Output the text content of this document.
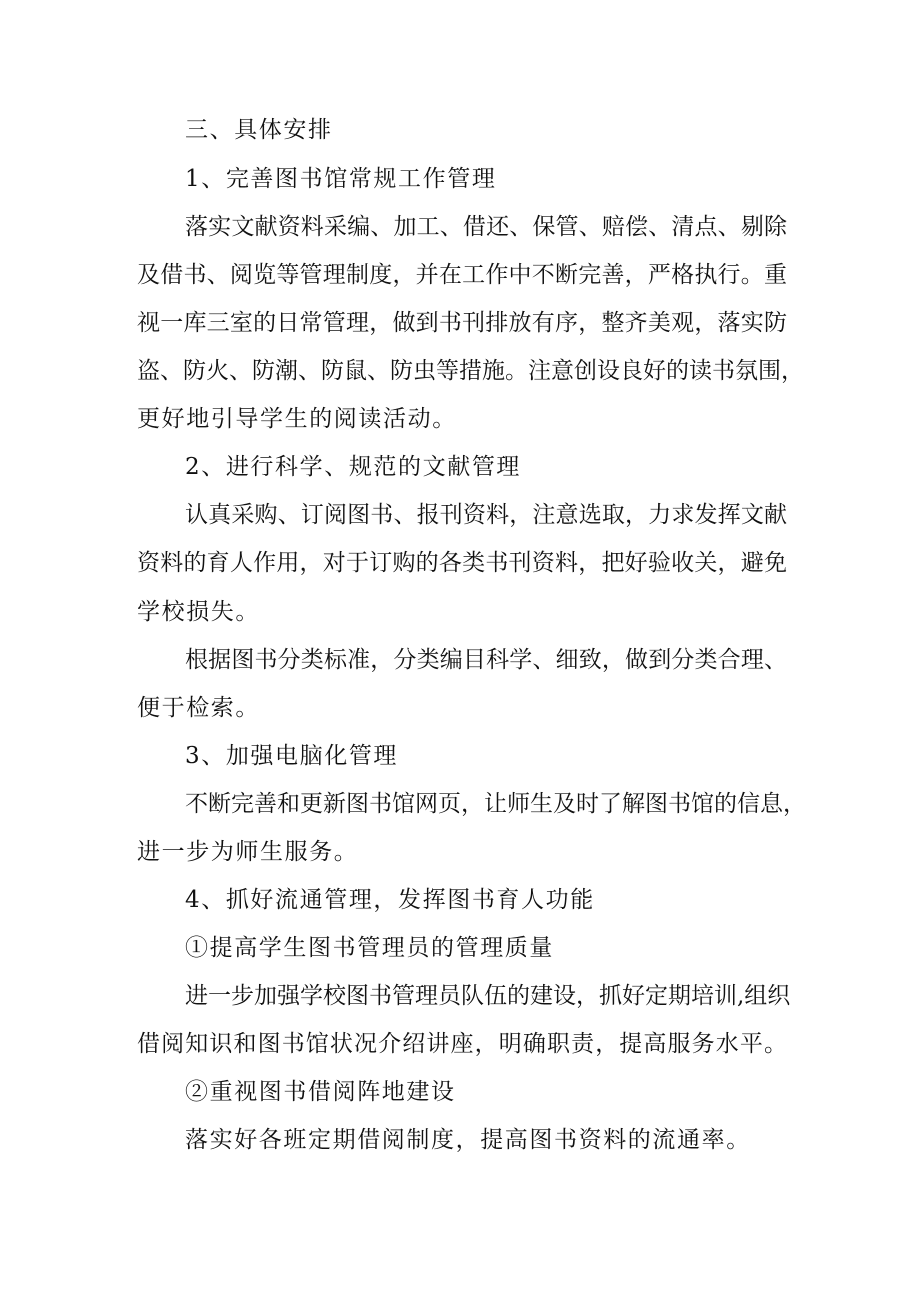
三、具体安排
1、完善图书馆常规工作管理
落实文献资料采编、加工、借还、保管、赔偿、清点、剔除
及借书、阅览等管理制度，并在工作中不断完善，严格执行。重
视一库三室的日常管理，做到书刊排放有序，整齐美观，落实防
盗、防火、防潮、防鼠、防虫等措施。注意创设良好的读书氛围，
更好地引导学生的阅读活动。
2、进行科学、规范的文献管理
认真采购、订阅图书、报刊资料，注意选取，力求发挥文献
资料的育人作用，对于订购的各类书刊资料，把好验收关，避免
学校损失。
根据图书分类标准，分类编目科学、细致，做到分类合理、
便于检索。
3、加强电脑化管理
不断完善和更新图书馆网页，让师生及时了解图书馆的信息，
进一步为师生服务。
4、抓好流通管理，发挥图书育人功能
①提高学生图书管理员的管理质量
进一步加强学校图书管理员队伍的建设，抓好定期培训,组织
借阅知识和图书馆状况介绍讲座，明确职责，提高服务水平。
②重视图书借阅阵地建设
落实好各班定期借阅制度，提高图书资料的流通率。
